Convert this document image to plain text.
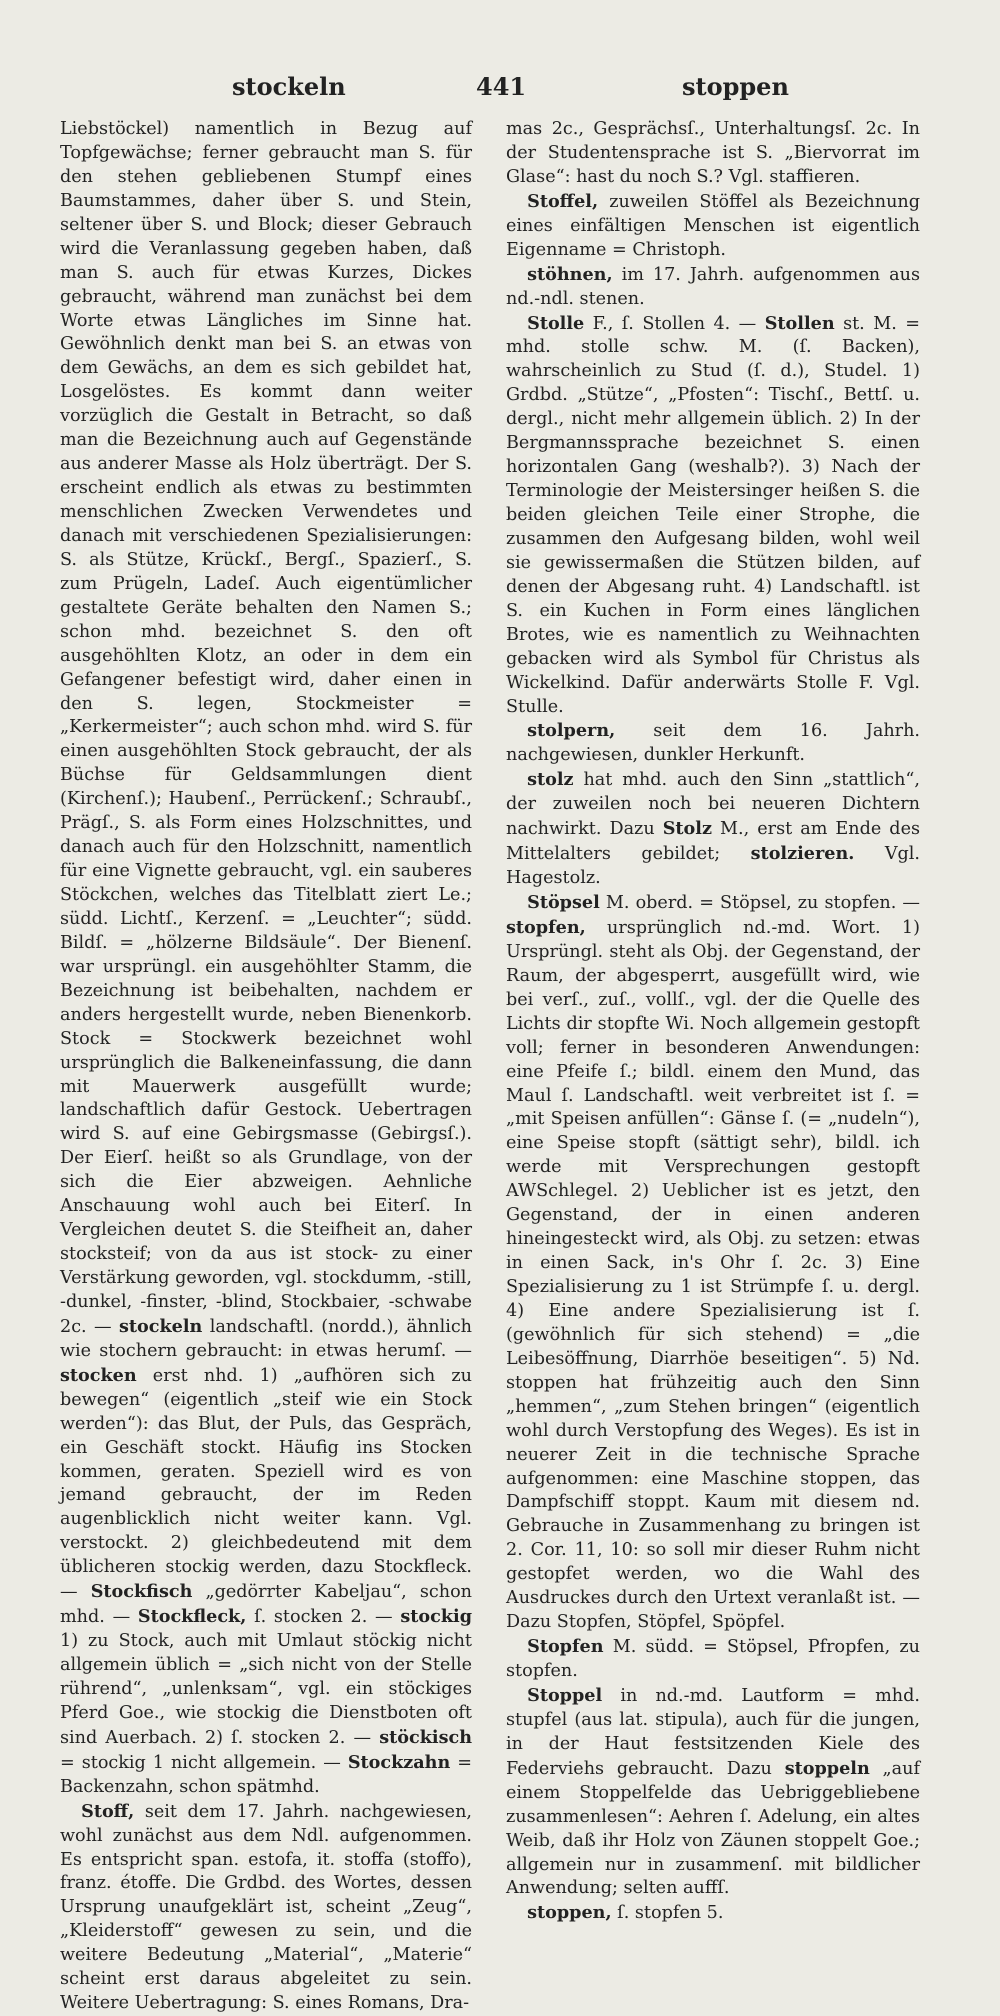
stockeln	441	stoppen

Liebstöckel) namentlich in Bezug auf Topfgewächse; ferner gebraucht man S. für den stehen gebliebenen Stumpf eines Baumstammes, daher über S. und Stein, seltener über S. und Block; dieser Gebrauch wird die Veranlassung gegeben haben, daß man S. auch für etwas Kurzes, Dickes gebraucht, während man zunächst bei dem Worte etwas Längliches im Sinne hat. Gewöhnlich denkt man bei S. an etwas von dem Gewächs, an dem es sich gebildet hat, Losgelöstes. Es kommt dann weiter vorzüglich die Gestalt in Betracht, so daß man die Bezeichnung auch auf Gegenstände aus anderer Masse als Holz überträgt. Der S. erscheint endlich als etwas zu bestimmten menschlichen Zwecken Verwendetes und danach mit verschiedenen Spezialisierungen: S. als Stütze, Krückſ., Bergſ., Spazierſ., S. zum Prügeln, Ladeſ. Auch eigentümlicher gestaltete Geräte behalten den Namen S.; schon mhd. bezeichnet S. den oft ausgehöhlten Klotz, an oder in dem ein Gefangener befestigt wird, daher einen in den S. legen, Stockmeister = „Kerkermeister“; auch schon mhd. wird S. für einen ausgehöhlten Stock gebraucht, der als Büchse für Geldsammlungen dient (Kirchenſ.); Haubenſ., Perrückenſ.; Schraubſ., Prägſ., S. als Form eines Holzschnittes, und danach auch für den Holzschnitt, namentlich für eine Vignette gebraucht, vgl. ein sauberes Stöckchen, welches das Titelblatt ziert Le.; südd. Lichtſ., Kerzenſ. = „Leuchter“; südd. Bildſ. = „hölzerne Bildsäule“. Der Bienenſ. war ursprüngl. ein ausgehöhlter Stamm, die Bezeichnung ist beibehalten, nachdem er anders hergestellt wurde, neben Bienenkorb. Stock = Stockwerk bezeichnet wohl ursprünglich die Balkeneinfassung, die dann mit Mauerwerk ausgefüllt wurde; landschaftlich dafür Gestock. Uebertragen wird S. auf eine Gebirgsmasse (Gebirgsſ.). Der Eierſ. heißt so als Grundlage, von der sich die Eier abzweigen. Aehnliche Anschauung wohl auch bei Eiterſ. In Vergleichen deutet S. die Steifheit an, daher stocksteif; von da aus ist stock- zu einer Verstärkung geworden, vgl. stockdumm, -still, -dunkel, -finster, -blind, Stockbaier, -schwabe 2c. — stockeln landschaftl. (nordd.), ähnlich wie stochern gebraucht: in etwas herumſ. — stocken erst nhd. 1) „aufhören sich zu bewegen“ (eigentlich „steif wie ein Stock werden“): das Blut, der Puls, das Gespräch, ein Geschäft stockt. Häufig ins Stocken kommen, geraten. Speziell wird es von jemand gebraucht, der im Reden augenblicklich nicht weiter kann. Vgl. verstockt. 2) gleichbedeutend mit dem üblicheren stockig werden, dazu Stockfleck. — Stockfisch „gedörrter Kabeljau“, schon mhd. — Stockfleck, ſ. stocken 2. — stockig 1) zu Stock, auch mit Umlaut stöckig nicht allgemein üblich = „sich nicht von der Stelle rührend“, „unlenksam“, vgl. ein stöckiges Pferd Goe., wie stockig die Dienstboten oft sind Auerbach. 2) ſ. stocken 2. — stöckisch = stockig 1 nicht allgemein. — Stockzahn = Backenzahn, schon spätmhd.

Stoff, seit dem 17. Jahrh. nachgewiesen, wohl zunächst aus dem Ndl. aufgenommen. Es entspricht span. estofa, it. stoffa (stoffo), franz. étoffe. Die Grdbd. des Wortes, dessen Ursprung unaufgeklärt ist, scheint „Zeug“, „Kleiderstoff“ gewesen zu sein, und die weitere Bedeutung „Material“, „Materie“ scheint erst daraus abgeleitet zu sein. Weitere Uebertragung: S. eines Romans, Dra-

mas 2c., Gesprächsſ., Unterhaltungsſ. 2c. In der Studentensprache ist S. „Biervorrat im Glase“: hast du noch S.? Vgl. staffieren.

Stoffel, zuweilen Stöffel als Bezeichnung eines einfältigen Menschen ist eigentlich Eigenname = Christoph.

stöhnen, im 17. Jahrh. aufgenommen aus nd.-ndl. stenen.

Stolle F., ſ. Stollen 4. — Stollen st. M. = mhd. stolle schw. M. (ſ. Backen), wahrscheinlich zu Stud (ſ. d.), Studel. 1) Grdbd. „Stütze“, „Pfosten“: Tischſ., Bettſ. u. dergl., nicht mehr allgemein üblich. 2) In der Bergmannssprache bezeichnet S. einen horizontalen Gang (weshalb?). 3) Nach der Terminologie der Meistersinger heißen S. die beiden gleichen Teile einer Strophe, die zusammen den Aufgesang bilden, wohl weil sie gewissermaßen die Stützen bilden, auf denen der Abgesang ruht. 4) Landschaftl. ist S. ein Kuchen in Form eines länglichen Brotes, wie es namentlich zu Weihnachten gebacken wird als Symbol für Christus als Wickelkind. Dafür anderwärts Stolle F. Vgl. Stulle.

stolpern, seit dem 16. Jahrh. nachgewiesen, dunkler Herkunft.

stolz hat mhd. auch den Sinn „stattlich“, der zuweilen noch bei neueren Dichtern nachwirkt. Dazu Stolz M., erst am Ende des Mittelalters gebildet; stolzieren. Vgl. Hagestolz.

Stöpsel M. oberd. = Stöpsel, zu stopfen. — stopfen, ursprünglich nd.-md. Wort. 1) Ursprüngl. steht als Obj. der Gegenstand, der Raum, der abgesperrt, ausgefüllt wird, wie bei verſ., zuſ., vollſ., vgl. der die Quelle des Lichts dir stopfte Wi. Noch allgemein gestopft voll; ferner in besonderen Anwendungen: eine Pfeife ſ.; bildl. einem den Mund, das Maul ſ. Landschaftl. weit verbreitet ist ſ. = „mit Speisen anfüllen“: Gänse ſ. (= „nudeln“), eine Speise stopft (sättigt sehr), bildl. ich werde mit Versprechungen gestopft AWSchlegel. 2) Ueblicher ist es jetzt, den Gegenstand, der in einen anderen hineingesteckt wird, als Obj. zu setzen: etwas in einen Sack, in's Ohr ſ. 2c. 3) Eine Spezialisierung zu 1 ist Strümpfe ſ. u. dergl. 4) Eine andere Spezialisierung ist ſ. (gewöhnlich für sich stehend) = „die Leibesöffnung, Diarrhöe beseitigen“. 5) Nd. stoppen hat frühzeitig auch den Sinn „hemmen“, „zum Stehen bringen“ (eigentlich wohl durch Verstopfung des Weges). Es ist in neuerer Zeit in die technische Sprache aufgenommen: eine Maschine stoppen, das Dampfschiff stoppt. Kaum mit diesem nd. Gebrauche in Zusammenhang zu bringen ist 2. Cor. 11, 10: so soll mir dieser Ruhm nicht gestopfet werden, wo die Wahl des Ausdruckes durch den Urtext veranlaßt ist. — Dazu Stopfen, Stöpfel, Spöpfel.

Stopfen M. südd. = Stöpsel, Pfropfen, zu stopfen.

Stoppel in nd.-md. Lautform = mhd. stupfel (aus lat. stipula), auch für die jungen, in der Haut festsitzenden Kiele des Federviehs gebraucht. Dazu stoppeln „auf einem Stoppelfelde das Uebriggebliebene zusammenlesen“: Aehren ſ. Adelung, ein altes Weib, daß ihr Holz von Zäunen stoppelt Goe.; allgemein nur in zusammenſ. mit bildlicher Anwendung; selten auffſ.

stoppen, ſ. stopfen 5.
